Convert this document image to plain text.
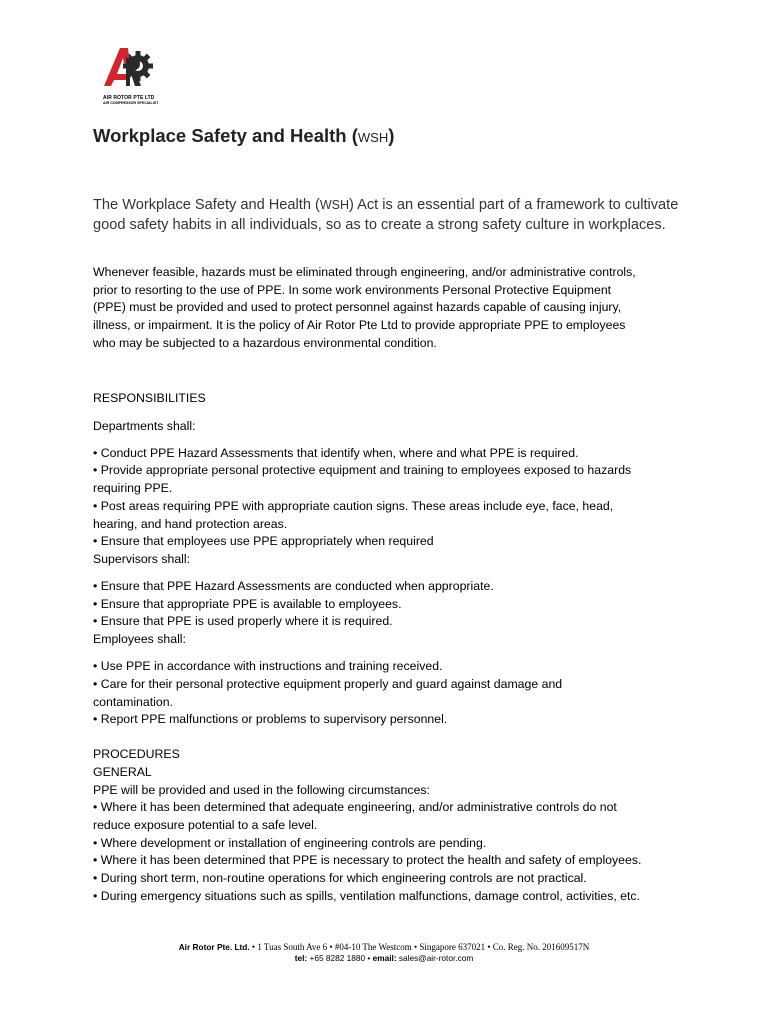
AIR ROTOR PTE LTD
AIR COMPRESSOR SPECIALIST
Workplace Safety and Health (WSH)

The Workplace Safety and Health (WSH) Act is an essential part of a framework to cultivate good safety habits in all individuals, so as to create a strong safety culture in workplaces.

Whenever feasible, hazards must be eliminated through engineering, and/or administrative controls,
prior to resorting to the use of PPE. In some work environments Personal Protective Equipment
(PPE) must be provided and used to protect personnel against hazards capable of causing injury,
illness, or impairment. It is the policy of Air Rotor Pte Ltd to provide appropriate PPE to employees
who may be subjected to a hazardous environmental condition.

RESPONSIBILITIES

Departments shall:

• Conduct PPE Hazard Assessments that identify when, where and what PPE is required.

• Provide appropriate personal protective equipment and training to employees exposed to hazards

requiring PPE.

• Post areas requiring PPE with appropriate caution signs. These areas include eye, face, head,

hearing, and hand protection areas.

• Ensure that employees use PPE appropriately when required

Supervisors shall:

• Ensure that PPE Hazard Assessments are conducted when appropriate.

• Ensure that appropriate PPE is available to employees.

• Ensure that PPE is used properly where it is required.

Employees shall:

• Use PPE in accordance with instructions and training received.

• Care for their personal protective equipment properly and guard against damage and

contamination.

• Report PPE malfunctions or problems to supervisory personnel.

PROCEDURES

GENERAL

PPE will be provided and used in the following circumstances:

• Where it has been determined that adequate engineering, and/or administrative controls do not

reduce exposure potential to a safe level.

• Where development or installation of engineering controls are pending.

• Where it has been determined that PPE is necessary to protect the health and safety of employees.

• During short term, non-routine operations for which engineering controls are not practical.

• During emergency situations such as spills, ventilation malfunctions, damage control, activities, etc.

Air Rotor Pte. Ltd. • 1 Tuas South Ave 6 • #04-10 The Westcom • Singapore 637021 • Co. Reg. No. 201609517N
tel: +65 8282 1880 • email: sales@air-rotor.com
